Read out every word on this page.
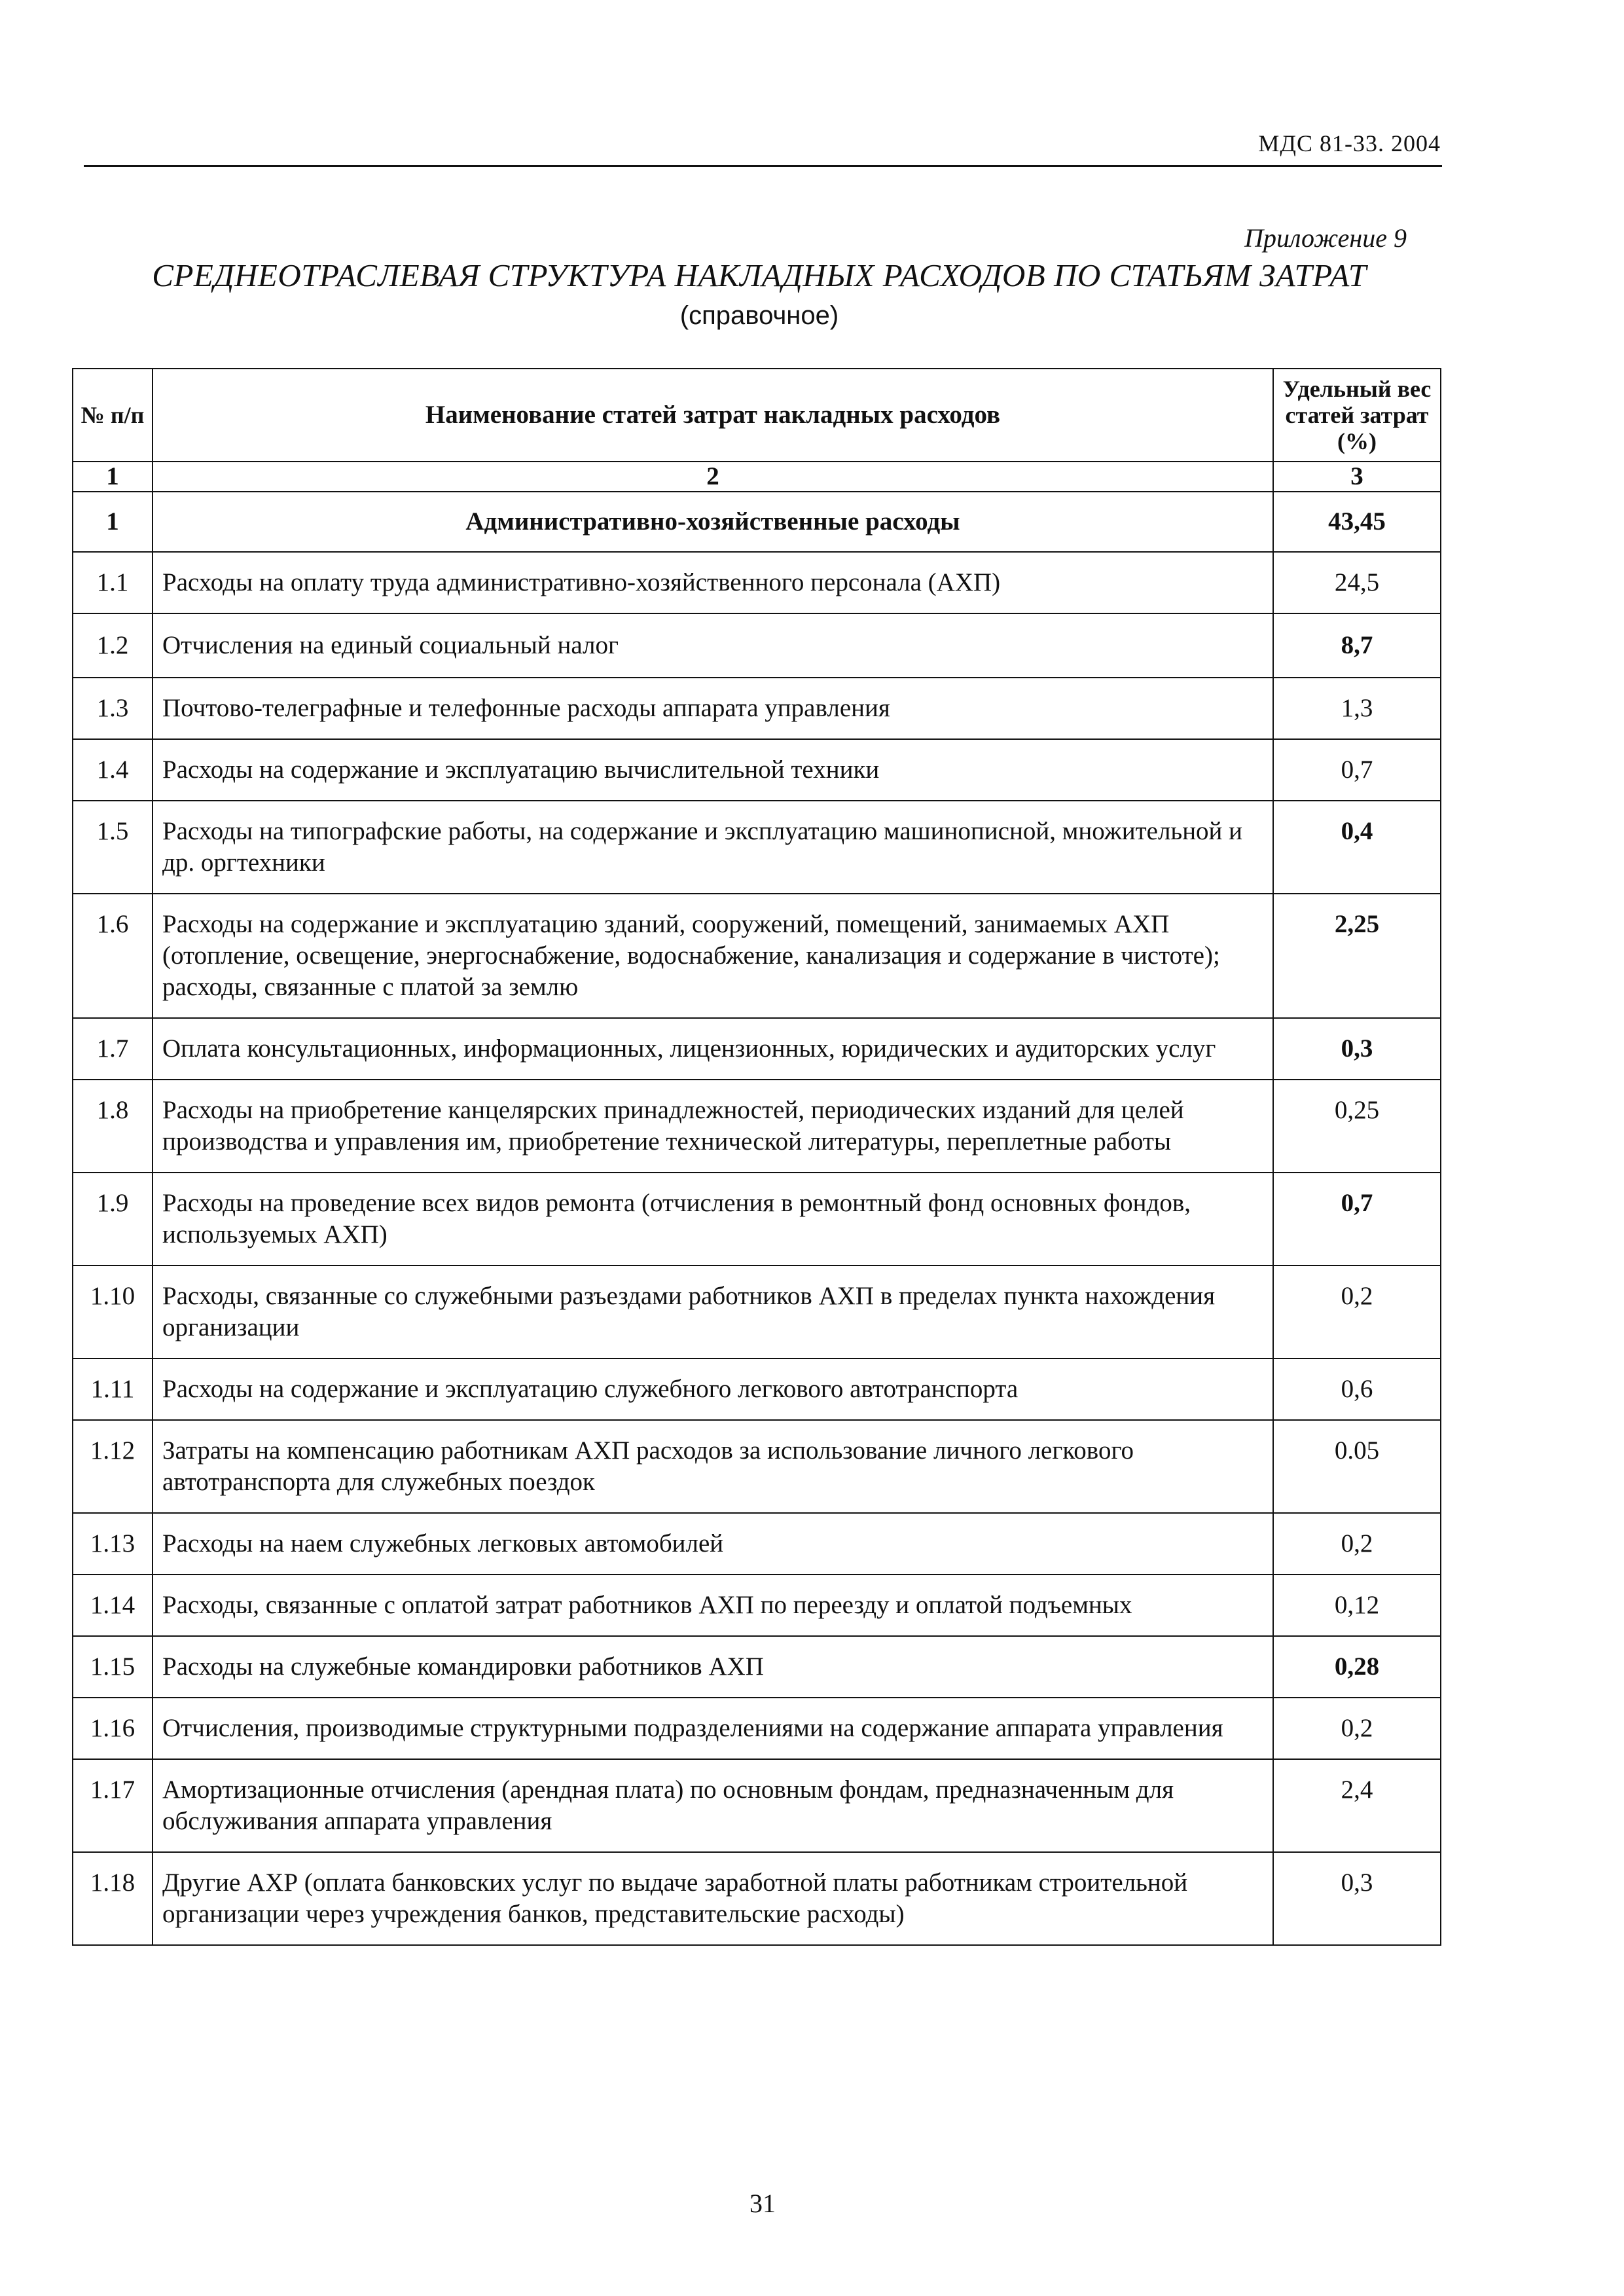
МДС 81-33. 2004
Приложение 9
СРЕДНЕОТРАСЛЕВАЯ СТРУКТУРА НАКЛАДНЫХ РАСХОДОВ ПО СТАТЬЯМ ЗАТРАТ
(справочное)
№ п/п	Наименование статей затрат накладных расходов	Удельный вес статей затрат (%)
1	2	3
1	Административно-хозяйственные расходы	43,45
1.1	Расходы на оплату труда административно-хозяйственного персонала (АХП)	24,5
1.2	Отчисления на единый социальный налог	8,7
1.3	Почтово-телеграфные и телефонные расходы аппарата управления	1,3
1.4	Расходы на содержание и эксплуатацию вычислительной техники	0,7
1.5	Расходы на типографские работы, на содержание и эксплуатацию машинописной, множительной и др. оргтехники	0,4
1.6	Расходы на содержание и эксплуатацию зданий, сооружений, помещений, занимаемых АХП (отопление, освещение, энергоснабжение, водоснабжение, канализация и содержание в чистоте); расходы, связанные с платой за землю	2,25
1.7	Оплата консультационных, информационных, лицензионных, юридических и аудиторских услуг	0,3
1.8	Расходы на приобретение канцелярских принадлежностей, периодических изданий для целей производства и управления им, приобретение технической литературы, переплетные работы	0,25
1.9	Расходы на проведение всех видов ремонта (отчисления в ремонтный фонд основных фондов, используемых АХП)	0,7
1.10	Расходы, связанные со служебными разъездами работников АХП в пределах пункта нахождения организации	0,2
1.11	Расходы на содержание и эксплуатацию служебного легкового автотранспорта	0,6
1.12	Затраты на компенсацию работникам АХП расходов за использование личного легкового автотранспорта для служебных поездок	0.05
1.13	Расходы на наем служебных легковых автомобилей	0,2
1.14	Расходы, связанные с оплатой затрат работников АХП по переезду и оплатой подъемных	0,12
1.15	Расходы на служебные командировки работников АХП	0,28
1.16	Отчисления, производимые структурными подразделениями на содержание аппарата управления	0,2
1.17	Амортизационные отчисления (арендная плата) по основным фондам, предназначенным для обслуживания аппарата управления	2,4
1.18	Другие АХР (оплата банковских услуг по выдаче заработной платы работникам строительной организации через учреждения банков, представительские расходы)	0,3
31
